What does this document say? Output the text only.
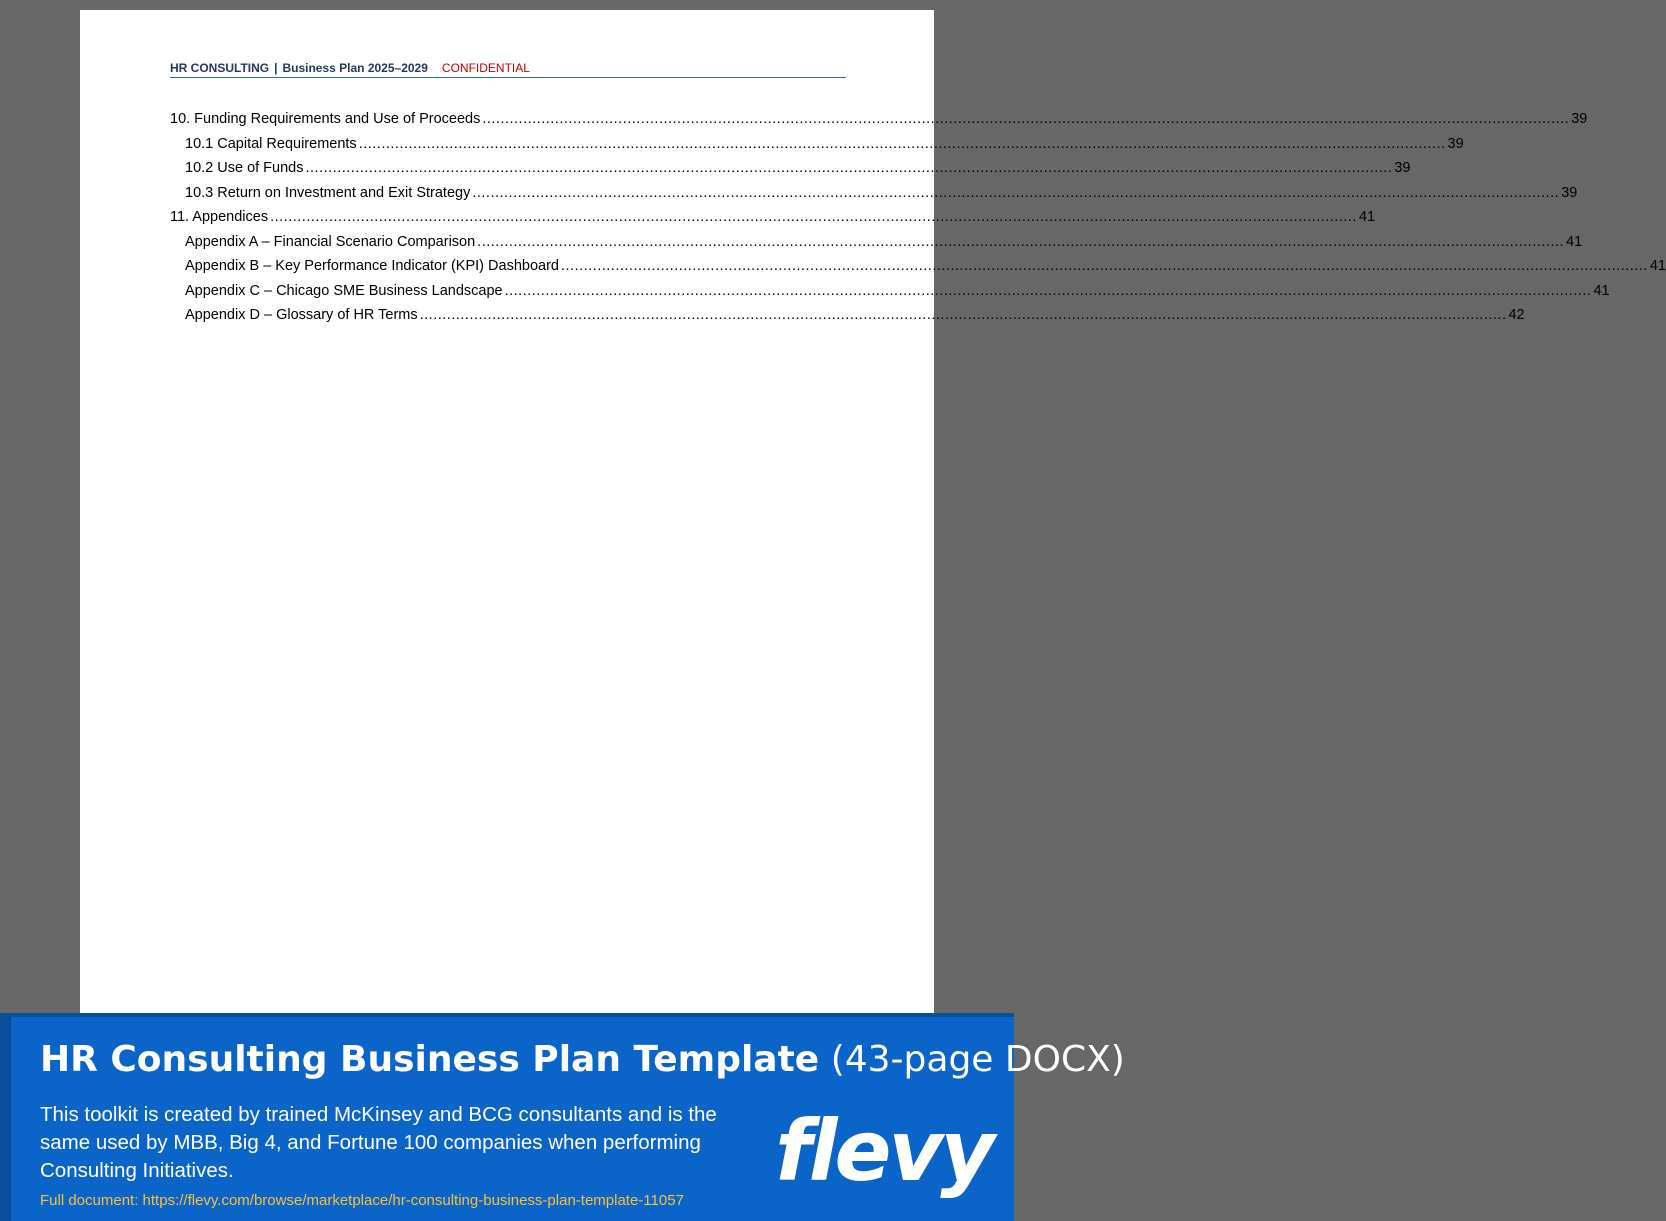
HR CONSULTING | Business Plan 2025–2029 CONFIDENTIAL
10. Funding Requirements and Use of Proceeds .....	39
10.1 Capital Requirements .....	39
10.2 Use of Funds .....	39
10.3 Return on Investment and Exit Strategy .....	39
11. Appendices .....	41
Appendix A – Financial Scenario Comparison .....	41
Appendix B – Key Performance Indicator (KPI) Dashboard .....	41
Appendix C – Chicago SME Business Landscape .....	41
Appendix D – Glossary of HR Terms .....	42
HR Consulting Business Plan Template (43-page DOCX)
This toolkit is created by trained McKinsey and BCG consultants and is the same used by MBB, Big 4, and Fortune 100 companies when performing Consulting Initiatives.
Full document: https://flevy.com/browse/marketplace/hr-consulting-business-plan-template-11057
flevy
